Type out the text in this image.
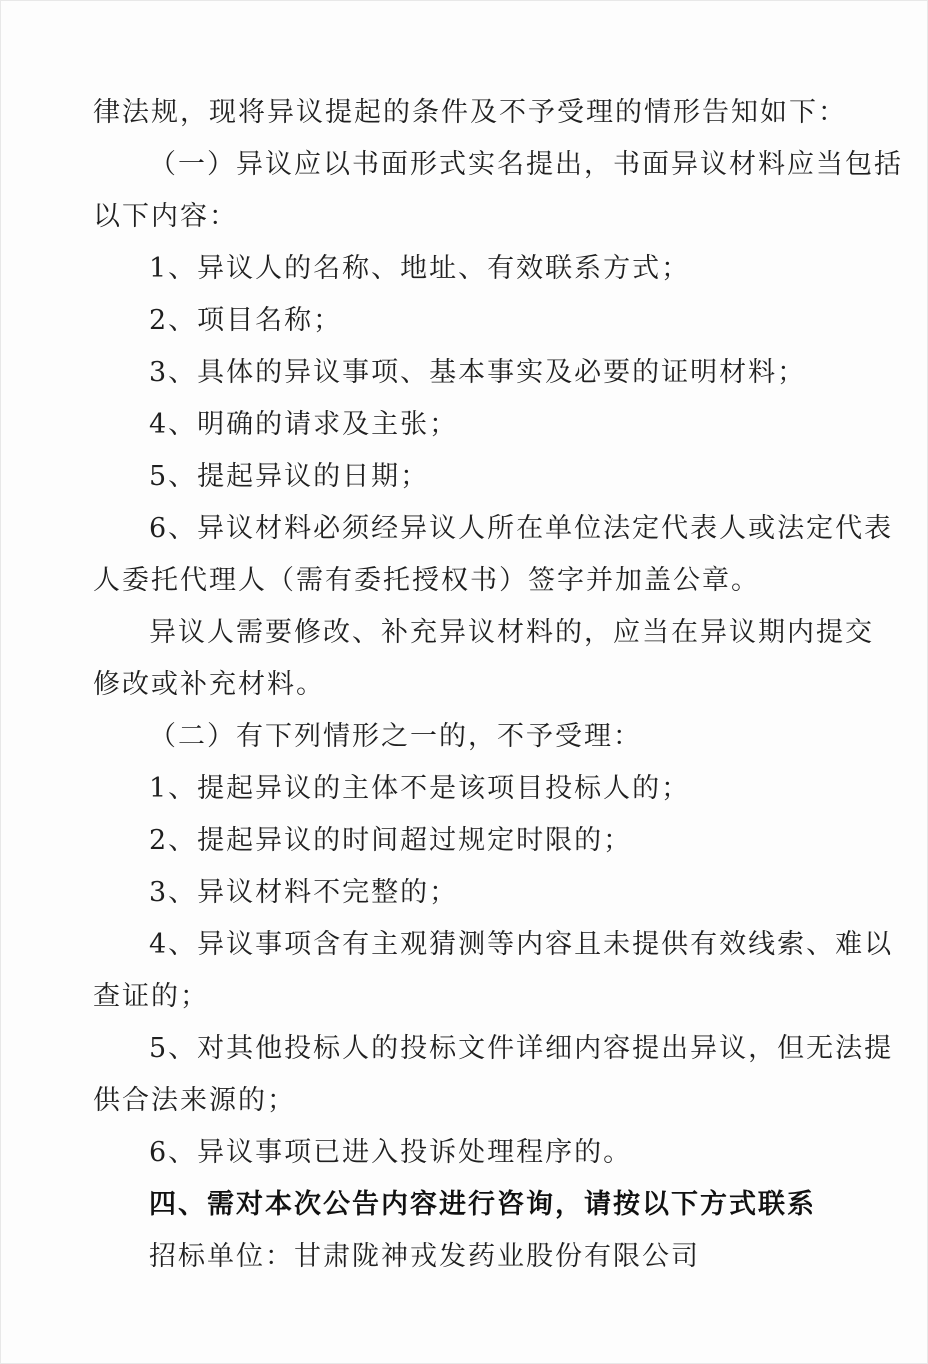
律法规，现将异议提起的条件及不予受理的情形告知如下：
（一）异议应以书面形式实名提出，书面异议材料应当包括
以下内容：
1、异议人的名称、地址、有效联系方式；
2、项目名称；
3、具体的异议事项、基本事实及必要的证明材料；
4、明确的请求及主张；
5、提起异议的日期；
6、异议材料必须经异议人所在单位法定代表人或法定代表
人委托代理人（需有委托授权书）签字并加盖公章。
异议人需要修改、补充异议材料的，应当在异议期内提交
修改或补充材料。
（二）有下列情形之一的，不予受理：
1、提起异议的主体不是该项目投标人的；
2、提起异议的时间超过规定时限的；
3、异议材料不完整的；
4、异议事项含有主观猜测等内容且未提供有效线索、难以
查证的；
5、对其他投标人的投标文件详细内容提出异议，但无法提
供合法来源的；
6、异议事项已进入投诉处理程序的。
四、需对本次公告内容进行咨询，请按以下方式联系
招标单位：甘肃陇神戎发药业股份有限公司
